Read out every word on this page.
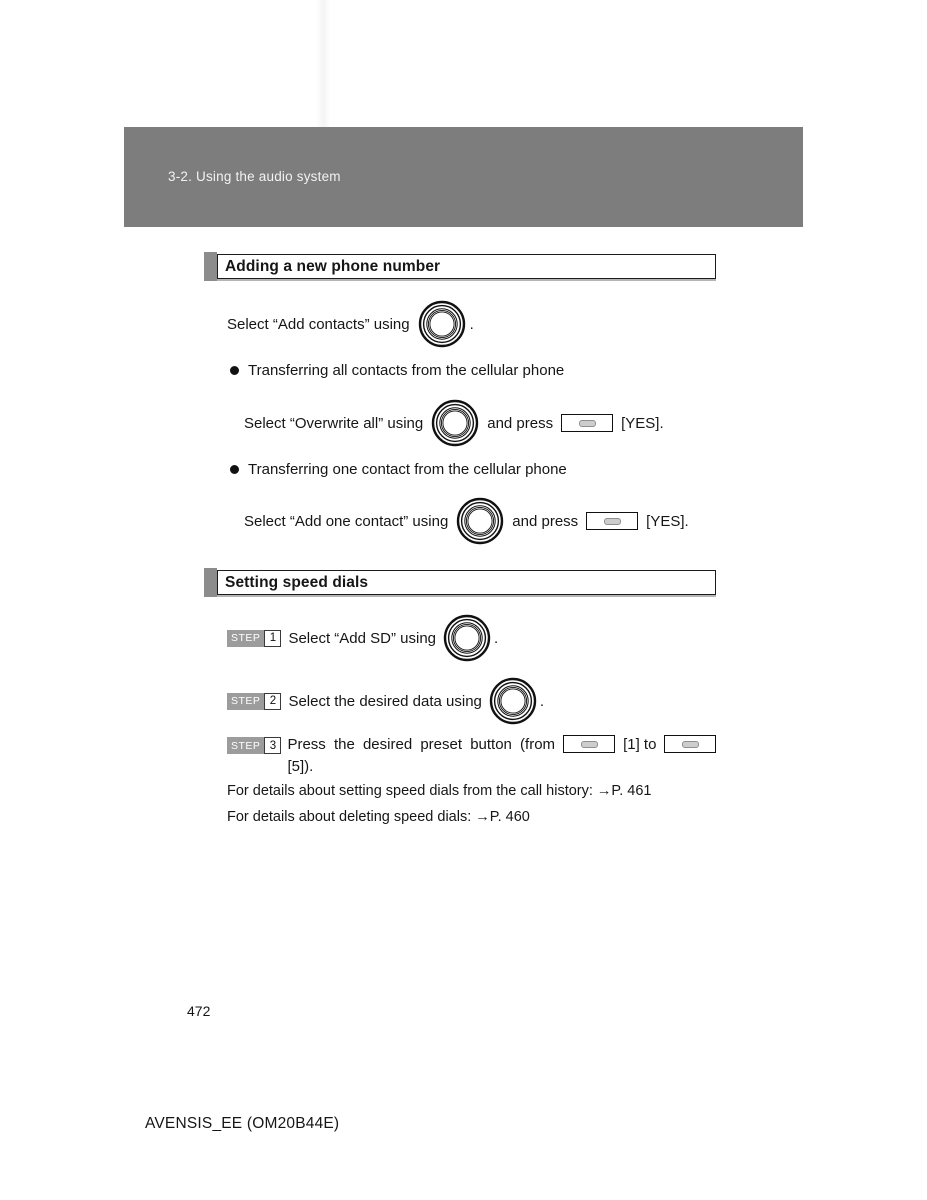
3-2. Using the audio system
Adding a new phone number
Select “Add contacts” using	.
Transferring all contacts from the cellular phone
Select “Overwrite all” using	and press	[YES].
Transferring one contact from the cellular phone
Select “Add one contact” using	and press	[YES].
Setting speed dials
STEP 1 Select “Add SD” using	.
STEP 2 Select the desired data using	.
STEP 3 Press the desired preset button (from	[1] to
[5]).
For details about setting speed dials from the call history: →P. 461
For details about deleting speed dials: →P. 460
472
AVENSIS_EE (OM20B44E)
